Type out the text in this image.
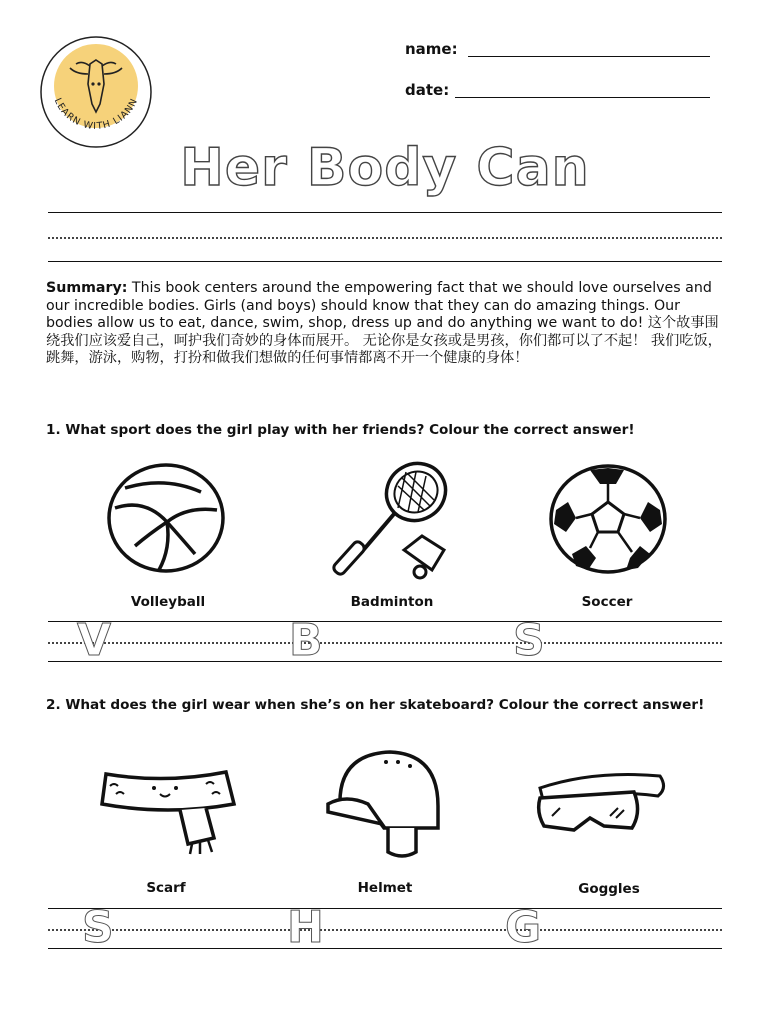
LEARN WITH LIANN
name:
date:
Her Body Can
Summary: This book centers around the empowering fact that we should love ourselves and our incredible bodies. Girls (and boys) should know that they can do amazing things. Our bodies allow us to eat, dance, swim, shop, dress up and do anything we want to do! 这个故事围绕我们应该爱自己，呵护我们奇妙的身体而展开。 无论你是女孩或是男孩，你们都可以了不起！ 我们吃饭，跳舞，游泳，购物，打扮和做我们想做的任何事情都离不开一个健康的身体！
1. What sport does the girl play with her friends? Colour the correct answer!
Volleyball	Badminton	Soccer
V	B	S
2. What does the girl wear when she’s on her skateboard? Colour the correct answer!
Scarf	Helmet	Goggles
S	H	G
